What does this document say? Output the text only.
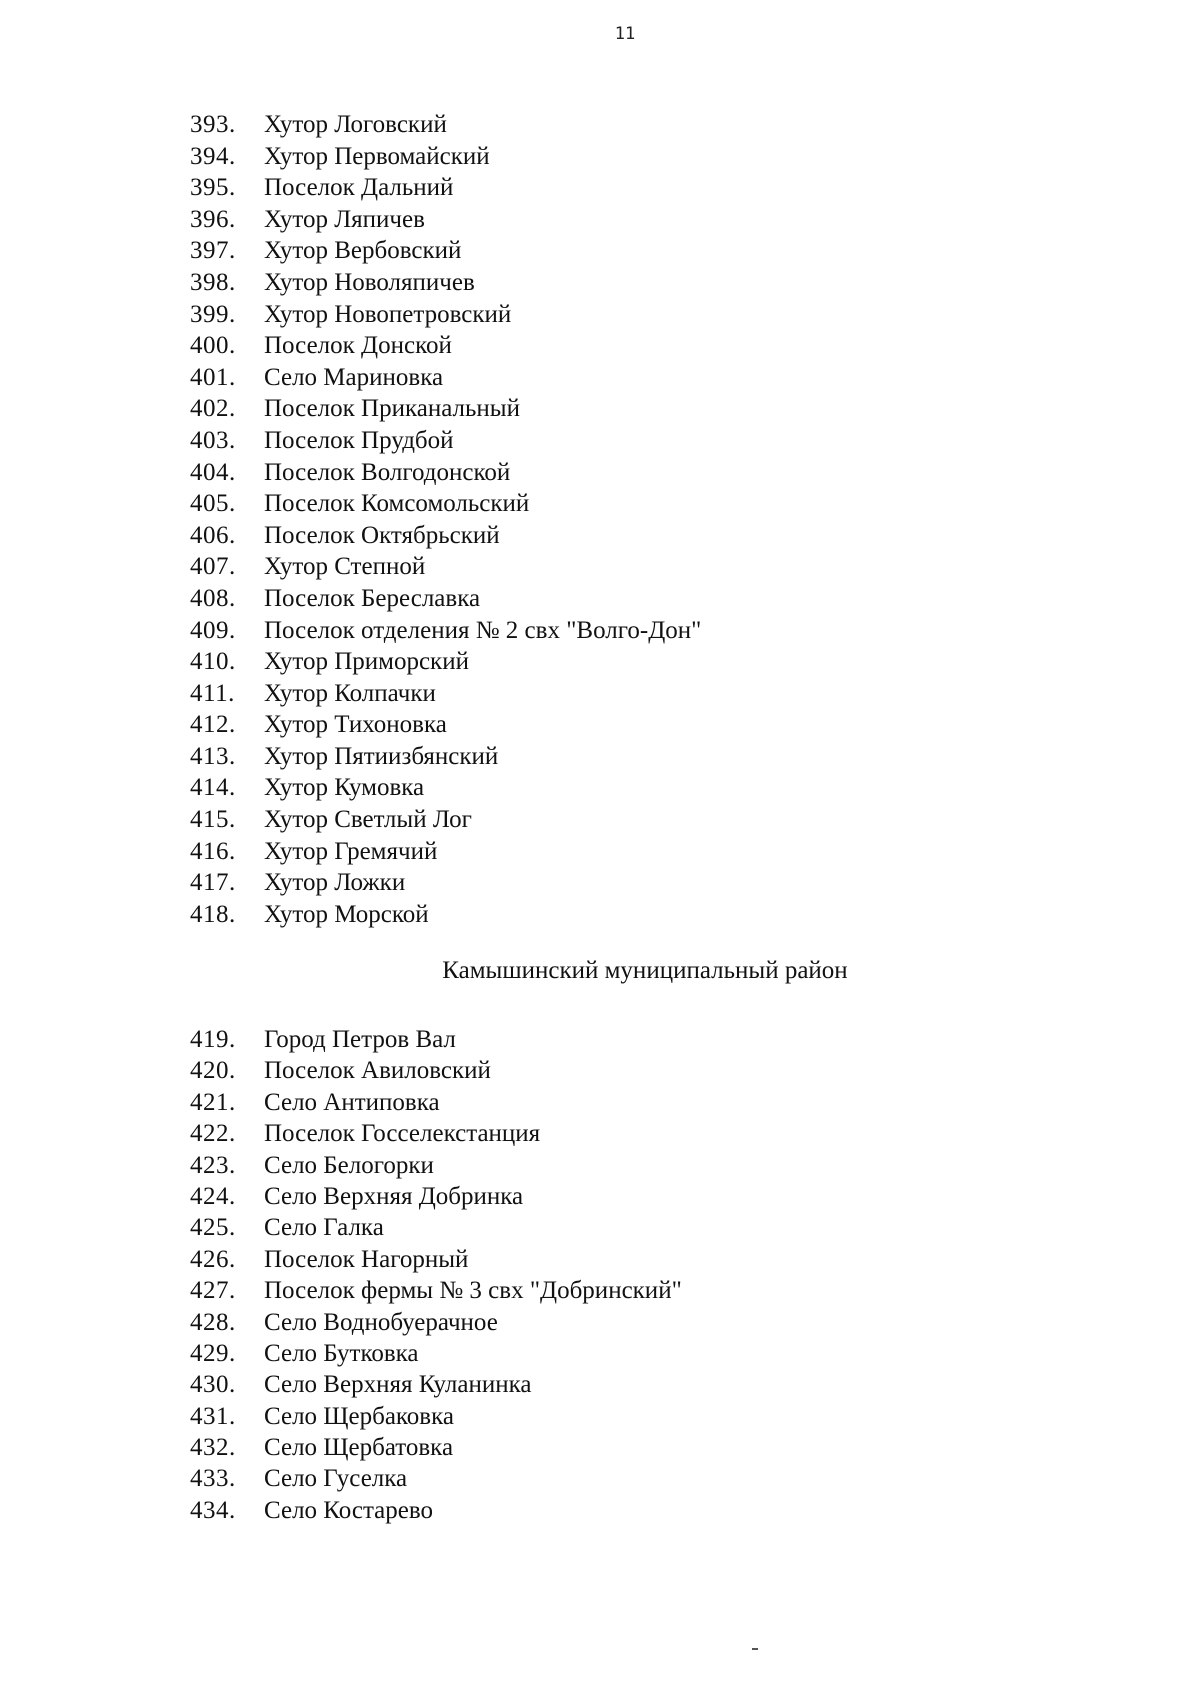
11
393.	Хутор Логовский
394.	Хутор Первомайский
395.	Поселок Дальний
396.	Хутор Ляпичев
397.	Хутор Вербовский
398.	Хутор Новоляпичев
399.	Хутор Новопетровский
400.	Поселок Донской
401.	Село Мариновка
402.	Поселок Приканальный
403.	Поселок Прудбой
404.	Поселок Волгодонской
405.	Поселок Комсомольский
406.	Поселок Октябрьский
407.	Хутор Степной
408.	Поселок Береславка
409.	Поселок отделения № 2 свх "Волго-Дон"
410.	Хутор Приморский
411.	Хутор Колпачки
412.	Хутор Тихоновка
413.	Хутор Пятиизбянский
414.	Хутор Кумовка
415.	Хутор Светлый Лог
416.	Хутор Гремячий
417.	Хутор Ложки
418.	Хутор Морской
Камышинский муниципальный район
419.	Город Петров Вал
420.	Поселок Авиловский
421.	Село Антиповка
422.	Поселок Госселекстанция
423.	Село Белогорки
424.	Село Верхняя Добринка
425.	Село Галка
426.	Поселок Нагорный
427.	Поселок фермы № 3 свх "Добринский"
428.	Село Воднобуерачное
429.	Село Бутковка
430.	Село Верхняя Куланинка
431.	Село Щербаковка
432.	Село Щербатовка
433.	Село Гуселка
434.	Село Костарево
